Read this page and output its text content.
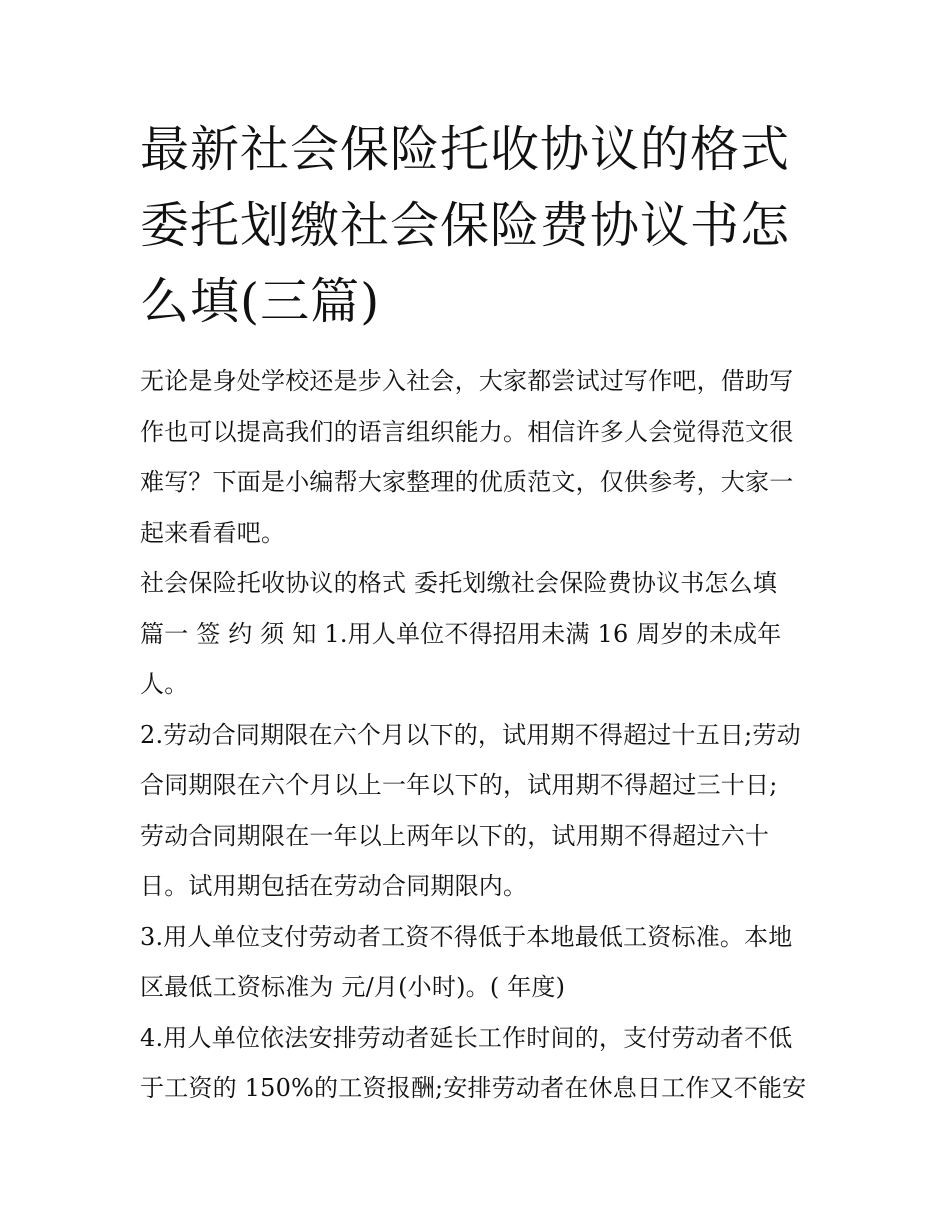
最新社会保险托收协议的格式
委托划缴社会保险费协议书怎
么填(三篇)

无论是身处学校还是步入社会，大家都尝试过写作吧，借助写
作也可以提高我们的语言组织能力。相信许多人会觉得范文很
难写？下面是小编帮大家整理的优质范文，仅供参考，大家一
起来看看吧。

社会保险托收协议的格式 委托划缴社会保险费协议书怎么填
篇一 签 约 须 知 1.用人单位不得招用未满 16 周岁的未成年
人。

2.劳动合同期限在六个月以下的，试用期不得超过十五日;劳动
合同期限在六个月以上一年以下的，试用期不得超过三十日;
劳动合同期限在一年以上两年以下的，试用期不得超过六十
日。试用期包括在劳动合同期限内。

3.用人单位支付劳动者工资不得低于本地最低工资标准。本地
区最低工资标准为 元/月(小时)。( 年度)

4.用人单位依法安排劳动者延长工作时间的，支付劳动者不低
于工资的 150%的工资报酬;安排劳动者在休息日工作又不能安
